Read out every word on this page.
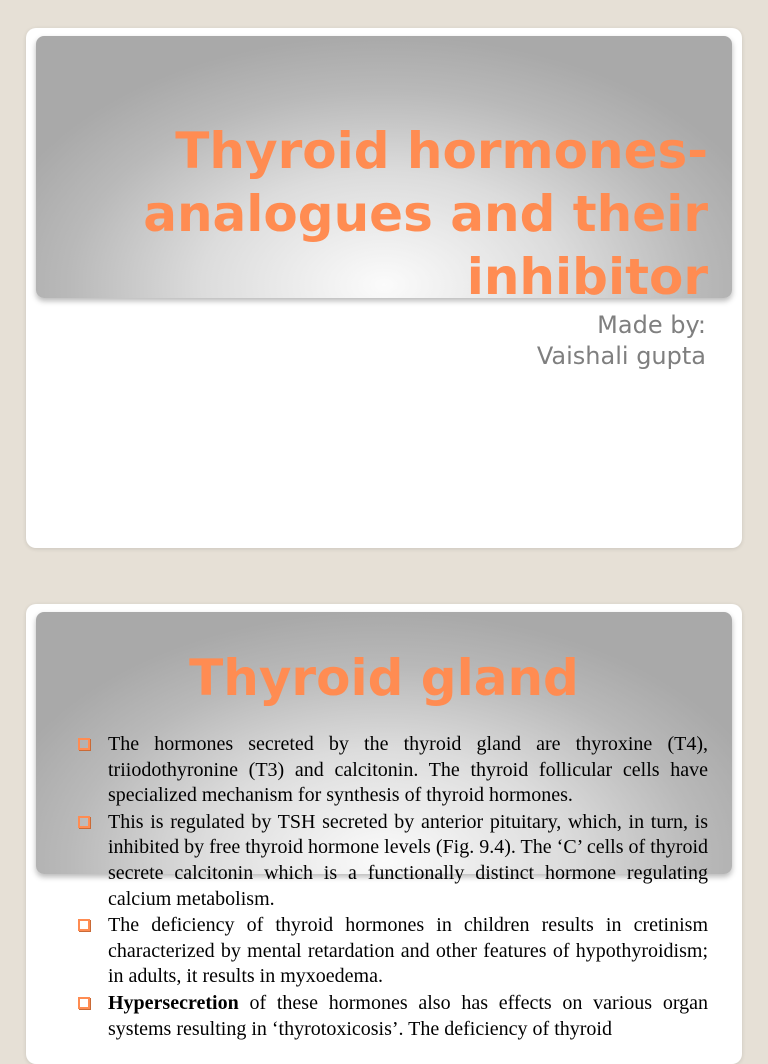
Thyroid hormones-
analogues and their
inhibitor
Made by:
Vaishali gupta
Thyroid gland
The hormones secreted by the thyroid gland are thyroxine (T4), triiodothyronine (T3) and calcitonin. The thyroid follicular cells have specialized mechanism for synthesis of thyroid hormones.
This is regulated by TSH secreted by anterior pituitary, which, in turn, is inhibited by free thyroid hormone levels (Fig. 9.4). The ‘C’ cells of thyroid secrete calcitonin which is a functionally distinct hormone regulating calcium metabolism.
The deficiency of thyroid hormones in children results in cretinism characterized by mental retardation and other features of hypothyroidism; in adults, it results in myxoedema.
Hypersecretion of these hormones also has effects on various organ systems resulting in ‘thyrotoxicosis’. The deficiency of thyroid
